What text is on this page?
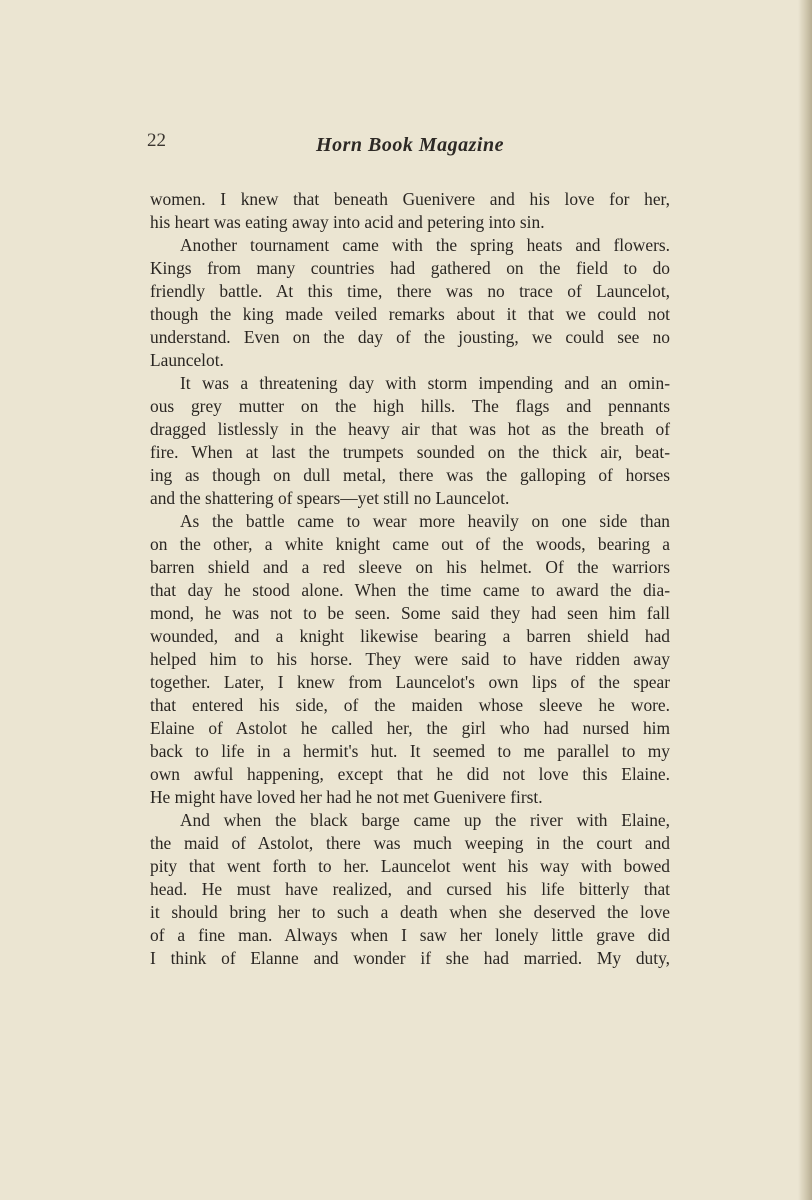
22	Horn Book Magazine
women. I knew that beneath Guenivere and his love for her,
his heart was eating away into acid and petering into sin.
Another tournament came with the spring heats and flowers.
Kings from many countries had gathered on the field to do
friendly battle. At this time, there was no trace of Launcelot,
though the king made veiled remarks about it that we could not
understand. Even on the day of the jousting, we could see no
Launcelot.
It was a threatening day with storm impending and an omin-
ous grey mutter on the high hills. The flags and pennants
dragged listlessly in the heavy air that was hot as the breath of
fire. When at last the trumpets sounded on the thick air, beat-
ing as though on dull metal, there was the galloping of horses
and the shattering of spears—yet still no Launcelot.
As the battle came to wear more heavily on one side than
on the other, a white knight came out of the woods, bearing a
barren shield and a red sleeve on his helmet. Of the warriors
that day he stood alone. When the time came to award the dia-
mond, he was not to be seen. Some said they had seen him fall
wounded, and a knight likewise bearing a barren shield had
helped him to his horse. They were said to have ridden away
together. Later, I knew from Launcelot's own lips of the spear
that entered his side, of the maiden whose sleeve he wore.
Elaine of Astolot he called her, the girl who had nursed him
back to life in a hermit's hut. It seemed to me parallel to my
own awful happening, except that he did not love this Elaine.
He might have loved her had he not met Guenivere first.
And when the black barge came up the river with Elaine,
the maid of Astolot, there was much weeping in the court and
pity that went forth to her. Launcelot went his way with bowed
head. He must have realized, and cursed his life bitterly that
it should bring her to such a death when she deserved the love
of a fine man. Always when I saw her lonely little grave did
I think of Elanne and wonder if she had married. My duty,
